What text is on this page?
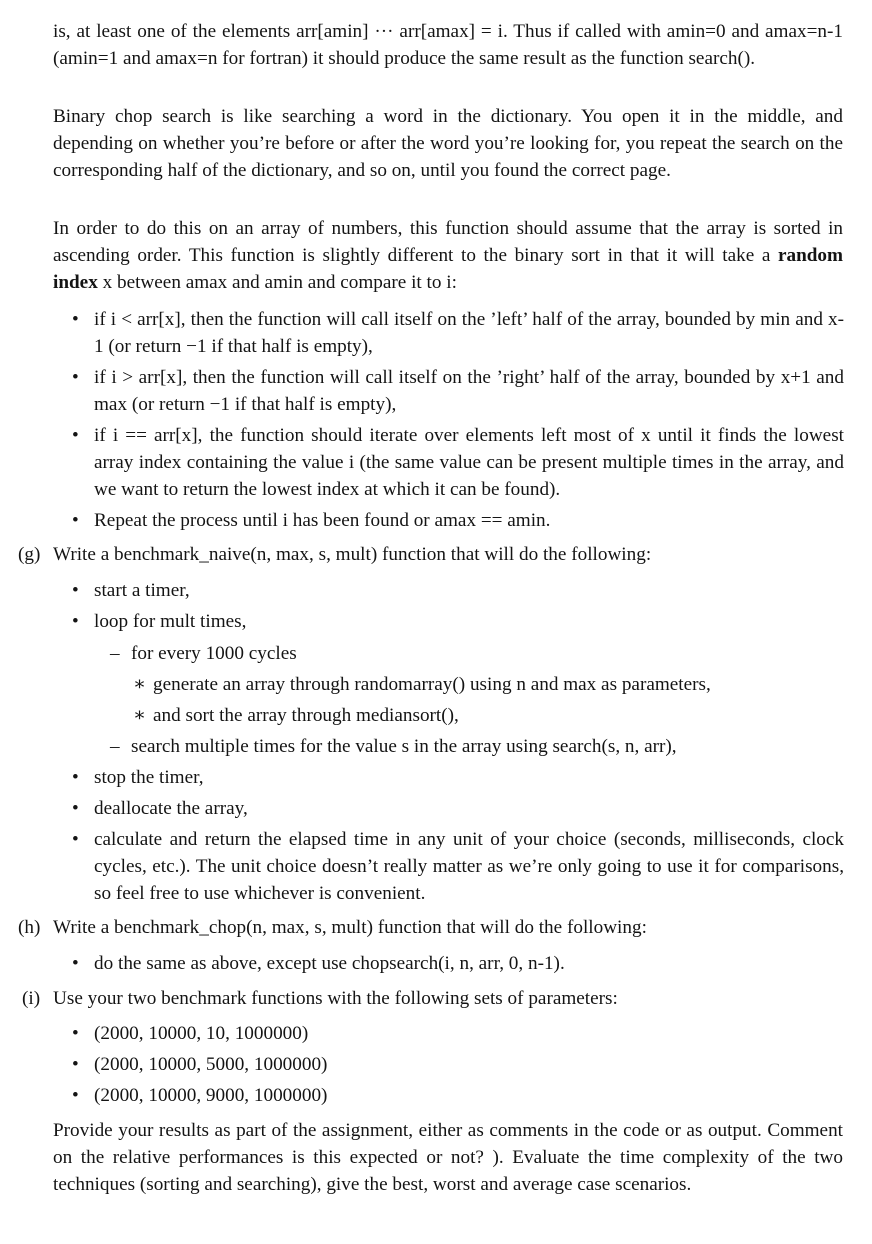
is, at least one of the elements arr[amin] ··· arr[amax] = i. Thus if called with amin=0 and amax=n-1 (amin=1 and amax=n for fortran) it should produce the same result as the function search().

Binary chop search is like searching a word in the dictionary. You open it in the middle, and depending on whether you’re before or after the word you’re looking for, you repeat the search on the corresponding half of the dictionary, and so on, until you found the correct page.

In order to do this on an array of numbers, this function should assume that the array is sorted in ascending order. This function is slightly different to the binary sort in that it will take a random index x between amax and amin and compare it to i:

• if i < arr[x], then the function will call itself on the ’left’ half of the array, bounded by min and x-1 (or return −1 if that half is empty),

• if i > arr[x], then the function will call itself on the ’right’ half of the array, bounded by x+1 and max (or return −1 if that half is empty),

• if i == arr[x], the function should iterate over elements left most of x until it finds the lowest array index containing the value i (the same value can be present multiple times in the array, and we want to return the lowest index at which it can be found).

• Repeat the process until i has been found or amax == amin.

(g) Write a benchmark_naive(n, max, s, mult) function that will do the following:
• start a timer,
• loop for mult times,
– for every 1000 cycles
∗ generate an array through randomarray() using n and max as parameters,
∗ and sort the array through mediansort(),
– search multiple times for the value s in the array using search(s, n, arr),
• stop the timer,
• deallocate the array,

• calculate and return the elapsed time in any unit of your choice (seconds, milliseconds, clock cycles, etc.). The unit choice doesn’t really matter as we’re only going to use it for comparisons, so feel free to use whichever is convenient.

(h) Write a benchmark_chop(n, max, s, mult) function that will do the following:
• do the same as above, except use chopsearch(i, n, arr, 0, n-1).
(i) Use your two benchmark functions with the following sets of parameters:
• (2000, 10000, 10, 1000000)
• (2000, 10000, 5000, 1000000)
• (2000, 10000, 9000, 1000000)

Provide your results as part of the assignment, either as comments in the code or as output. Comment on the relative performances is this expected or not? ). Evaluate the time complexity of the two techniques (sorting and searching), give the best, worst and average case scenarios.
